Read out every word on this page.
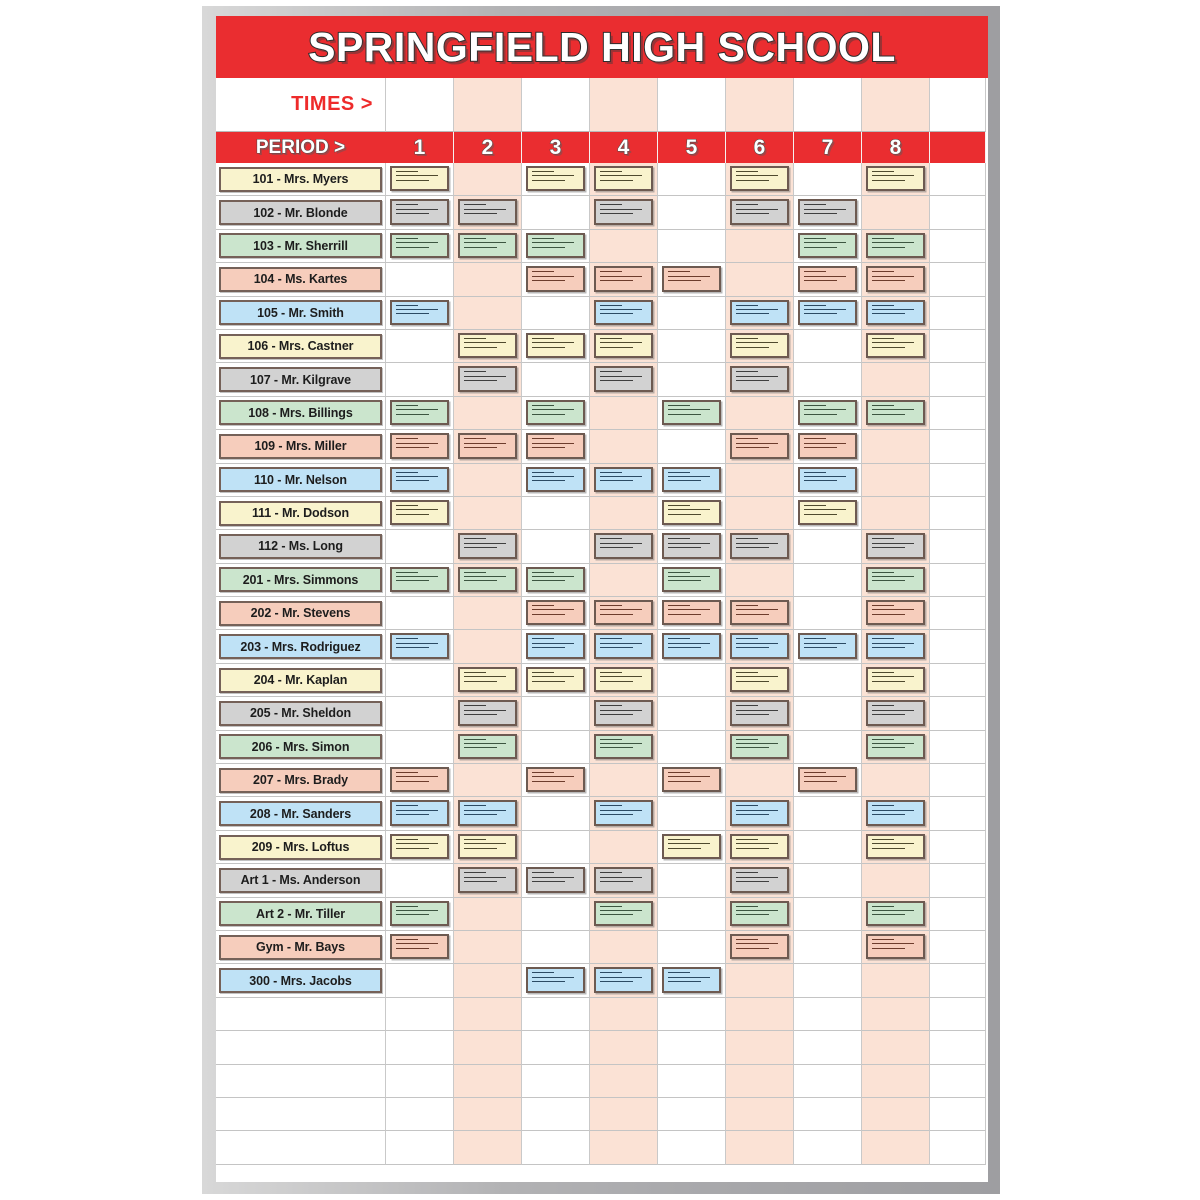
SPRINGFIELD HIGH SCHOOL
TIMES >
PERIOD >	1	2	3	4	5	6	7	8
101 - Mrs. Myers
102 - Mr. Blonde
103 - Mr. Sherrill
104 - Ms. Kartes
105 - Mr. Smith
106 - Mrs. Castner
107 - Mr. Kilgrave
108 - Mrs. Billings
109 - Mrs. Miller
110 - Mr. Nelson
111 - Mr. Dodson
112 - Ms. Long
201 - Mrs. Simmons
202 - Mr. Stevens
203 - Mrs. Rodriguez
204 - Mr. Kaplan
205 - Mr. Sheldon
206 - Mrs. Simon
207 - Mrs. Brady
208 - Mr. Sanders
209 - Mrs. Loftus
Art 1 - Ms. Anderson
Art 2 - Mr. Tiller
Gym - Mr. Bays
300 - Mrs. Jacobs
